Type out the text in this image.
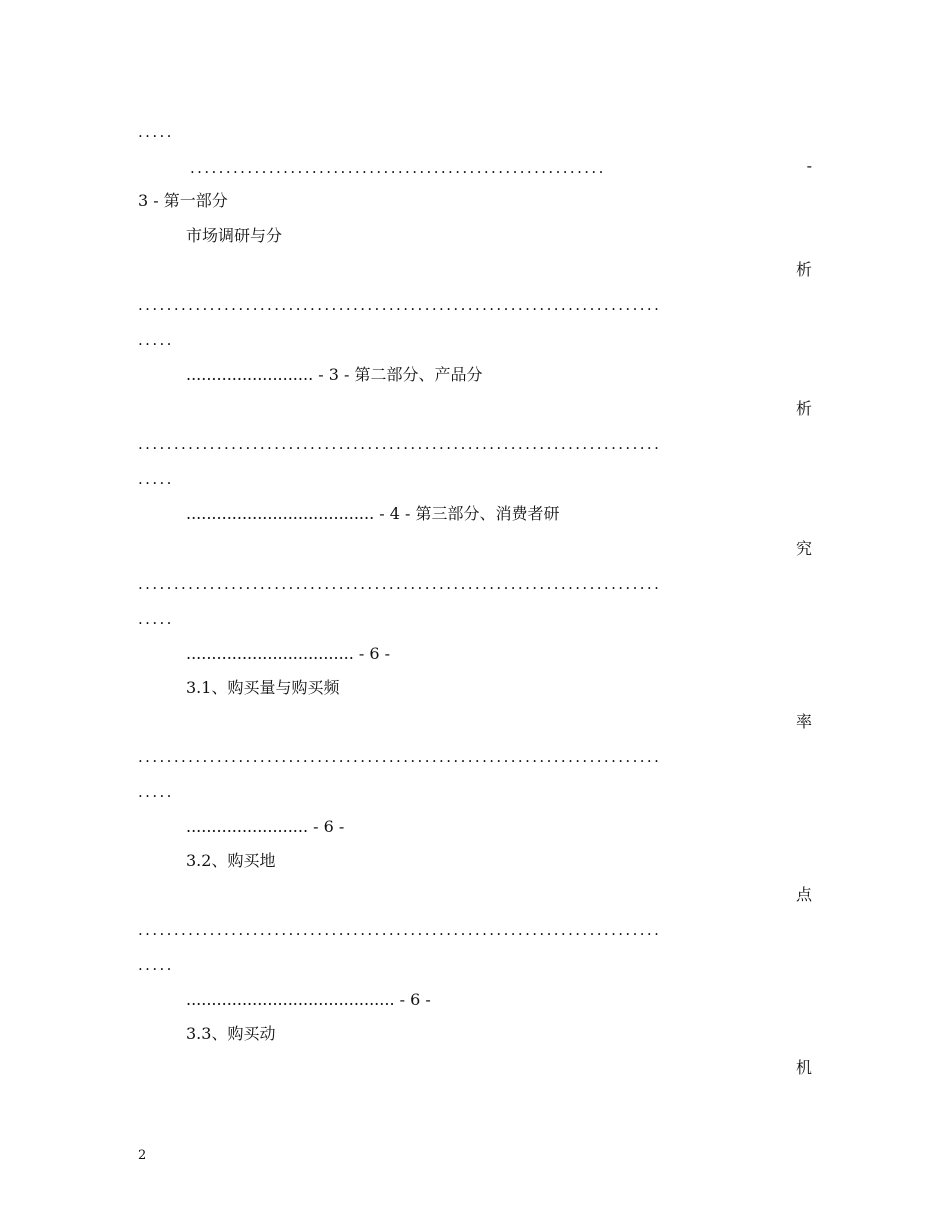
.....

..........................................................	-

3 - 第一部分

市场调研与分

析

.........................................................................

.....

......................... - 3 - 第二部分、产品分

析

.........................................................................

.....

..................................... - 4 - 第三部分、消费者研

究

.........................................................................

.....

................................. - 6 -

3.1、购买量与购买频

率

.........................................................................

.....

........................ - 6 -

3.2、购买地

点

.........................................................................

.....

......................................... - 6 -

3.3、购买动

机

2
